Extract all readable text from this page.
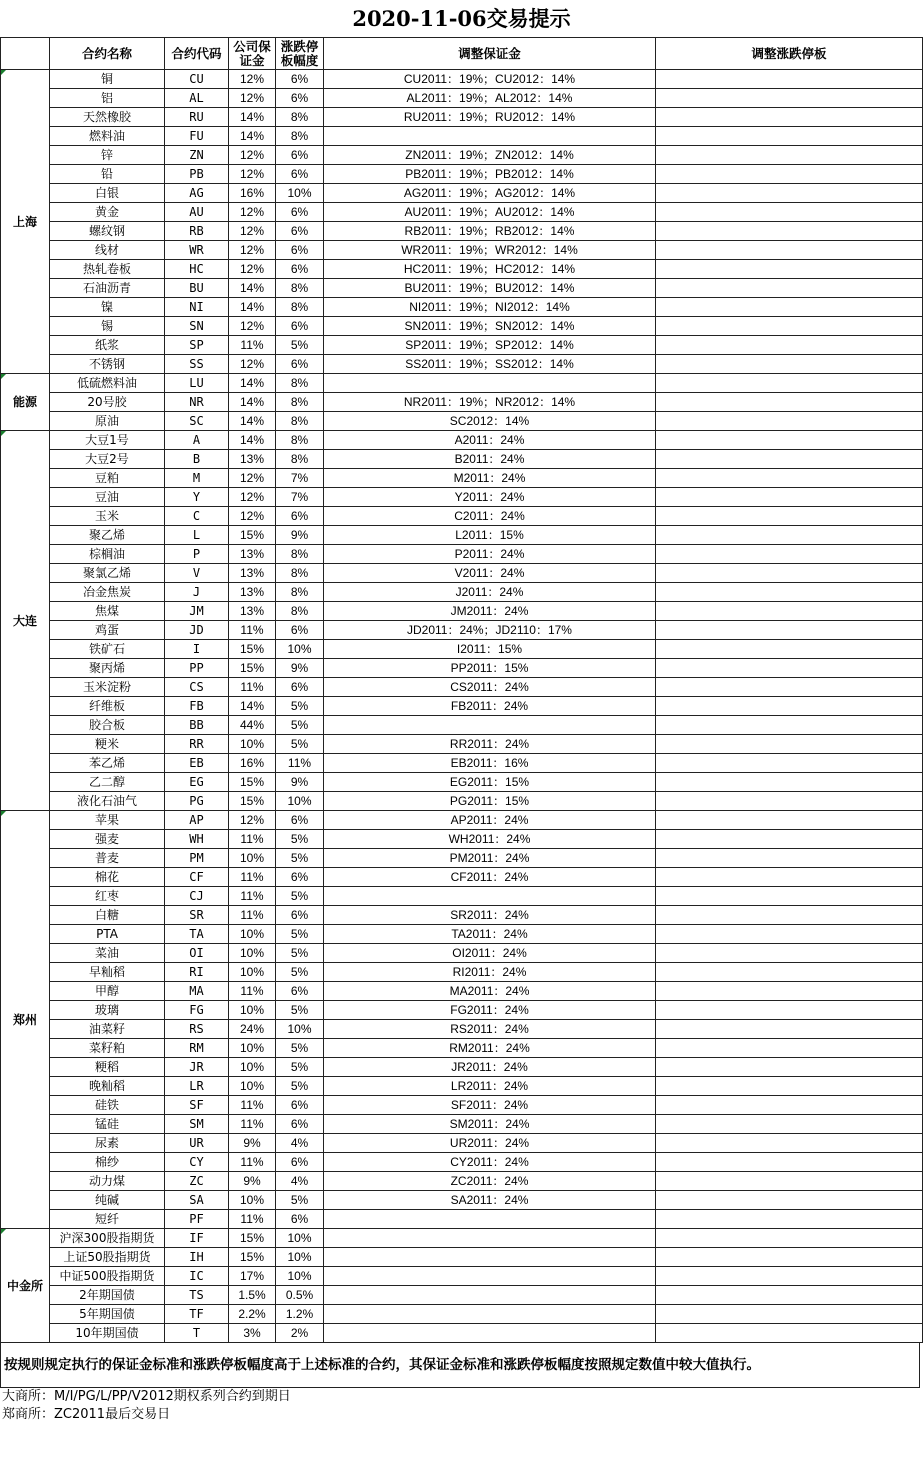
2020-11-06交易提示
	合约名称	合约代码	公司保证金	涨跌停板幅度	调整保证金	调整涨跌停板
上海	铜	CU	12%	6%	CU2011：19%；CU2012：14%	
	铝	AL	12%	6%	AL2011：19%；AL2012：14%	
	天然橡胶	RU	14%	8%	RU2011：19%；RU2012：14%	
	燃料油	FU	14%	8%		
	锌	ZN	12%	6%	ZN2011：19%；ZN2012：14%	
	铅	PB	12%	6%	PB2011：19%；PB2012：14%	
	白银	AG	16%	10%	AG2011：19%；AG2012：14%	
	黄金	AU	12%	6%	AU2011：19%；AU2012：14%	
	螺纹钢	RB	12%	6%	RB2011：19%；RB2012：14%	
	线材	WR	12%	6%	WR2011：19%；WR2012：14%	
	热轧卷板	HC	12%	6%	HC2011：19%；HC2012：14%	
	石油沥青	BU	14%	8%	BU2011：19%；BU2012：14%	
	镍	NI	14%	8%	NI2011：19%；NI2012：14%	
	锡	SN	12%	6%	SN2011：19%；SN2012：14%	
	纸浆	SP	11%	5%	SP2011：19%；SP2012：14%	
	不锈钢	SS	12%	6%	SS2011：19%；SS2012：14%	
能源	低硫燃料油	LU	14%	8%		
	20号胶	NR	14%	8%	NR2011：19%；NR2012：14%	
	原油	SC	14%	8%	SC2012：14%	
大连	大豆1号	A	14%	8%	A2011：24%	
	大豆2号	B	13%	8%	B2011：24%	
	豆粕	M	12%	7%	M2011：24%	
	豆油	Y	12%	7%	Y2011：24%	
	玉米	C	12%	6%	C2011：24%	
	聚乙烯	L	15%	9%	L2011：15%	
	棕榈油	P	13%	8%	P2011：24%	
	聚氯乙烯	V	13%	8%	V2011：24%	
	冶金焦炭	J	13%	8%	J2011：24%	
	焦煤	JM	13%	8%	JM2011：24%	
	鸡蛋	JD	11%	6%	JD2011：24%；JD2110：17%	
	铁矿石	I	15%	10%	I2011：15%	
	聚丙烯	PP	15%	9%	PP2011：15%	
	玉米淀粉	CS	11%	6%	CS2011：24%	
	纤维板	FB	14%	5%	FB2011：24%	
	胶合板	BB	44%	5%		
	粳米	RR	10%	5%	RR2011：24%	
	苯乙烯	EB	16%	11%	EB2011：16%	
	乙二醇	EG	15%	9%	EG2011：15%	
	液化石油气	PG	15%	10%	PG2011：15%	
郑州	苹果	AP	12%	6%	AP2011：24%	
	强麦	WH	11%	5%	WH2011：24%	
	普麦	PM	10%	5%	PM2011：24%	
	棉花	CF	11%	6%	CF2011：24%	
	红枣	CJ	11%	5%		
	白糖	SR	11%	6%	SR2011：24%	
	PTA	TA	10%	5%	TA2011：24%	
	菜油	OI	10%	5%	OI2011：24%	
	早籼稻	RI	10%	5%	RI2011：24%	
	甲醇	MA	11%	6%	MA2011：24%	
	玻璃	FG	10%	5%	FG2011：24%	
	油菜籽	RS	24%	10%	RS2011：24%	
	菜籽粕	RM	10%	5%	RM2011：24%	
	粳稻	JR	10%	5%	JR2011：24%	
	晚籼稻	LR	10%	5%	LR2011：24%	
	硅铁	SF	11%	6%	SF2011：24%	
	锰硅	SM	11%	6%	SM2011：24%	
	尿素	UR	9%	4%	UR2011：24%	
	棉纱	CY	11%	6%	CY2011：24%	
	动力煤	ZC	9%	4%	ZC2011：24%	
	纯碱	SA	10%	5%	SA2011：24%	
	短纤	PF	11%	6%		
中金所	沪深300股指期货	IF	15%	10%		
	上证50股指期货	IH	15%	10%		
	中证500股指期货	IC	17%	10%		
	2年期国债	TS	1.5%	0.5%		
	5年期国债	TF	2.2%	1.2%		
	10年期国债	T	3%	2%		
按规则规定执行的保证金标准和涨跌停板幅度高于上述标准的合约，其保证金标准和涨跌停板幅度按照规定数值中较大值执行。
大商所：M/I/PG/L/PP/V2012期权系列合约到期日
郑商所：ZC2011最后交易日
